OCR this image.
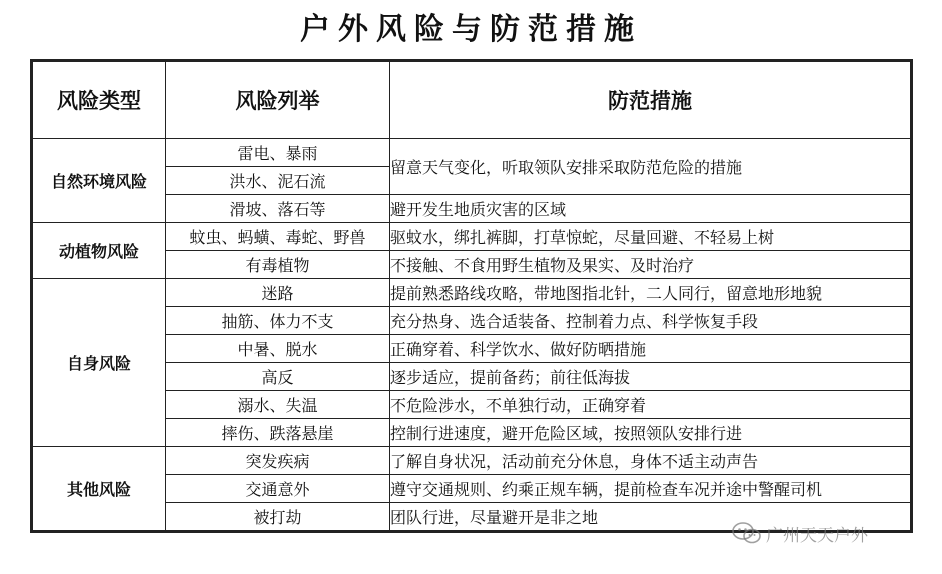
户外风险与防范措施
风险类型	风险列举	防范措施
自然环境风险	雷电、暴雨	留意天气变化，听取领队安排采取防范危险的措施
	洪水、泥石流	
	滑坡、落石等	避开发生地质灾害的区域
动植物风险	蚊虫、蚂蟥、毒蛇、野兽	驱蚊水，绑扎裤脚，打草惊蛇，尽量回避、不轻易上树
	有毒植物	不接触、不食用野生植物及果实、及时治疗
自身风险	迷路	提前熟悉路线攻略，带地图指北针，二人同行，留意地形地貌
	抽筋、体力不支	充分热身、选合适装备、控制着力点、科学恢复手段
	中暑、脱水	正确穿着、科学饮水、做好防晒措施
	高反	逐步适应，提前备药；前往低海拔
	溺水、失温	不危险涉水，不单独行动，正确穿着
	摔伤、跌落悬崖	控制行进速度，避开危险区域，按照领队安排行进
其他风险	突发疾病	了解自身状况，活动前充分休息，身体不适主动声告
	交通意外	遵守交通规则、约乘正规车辆，提前检查车况并途中警醒司机
	被打劫	团队行进，尽量避开是非之地
广州天天户外
